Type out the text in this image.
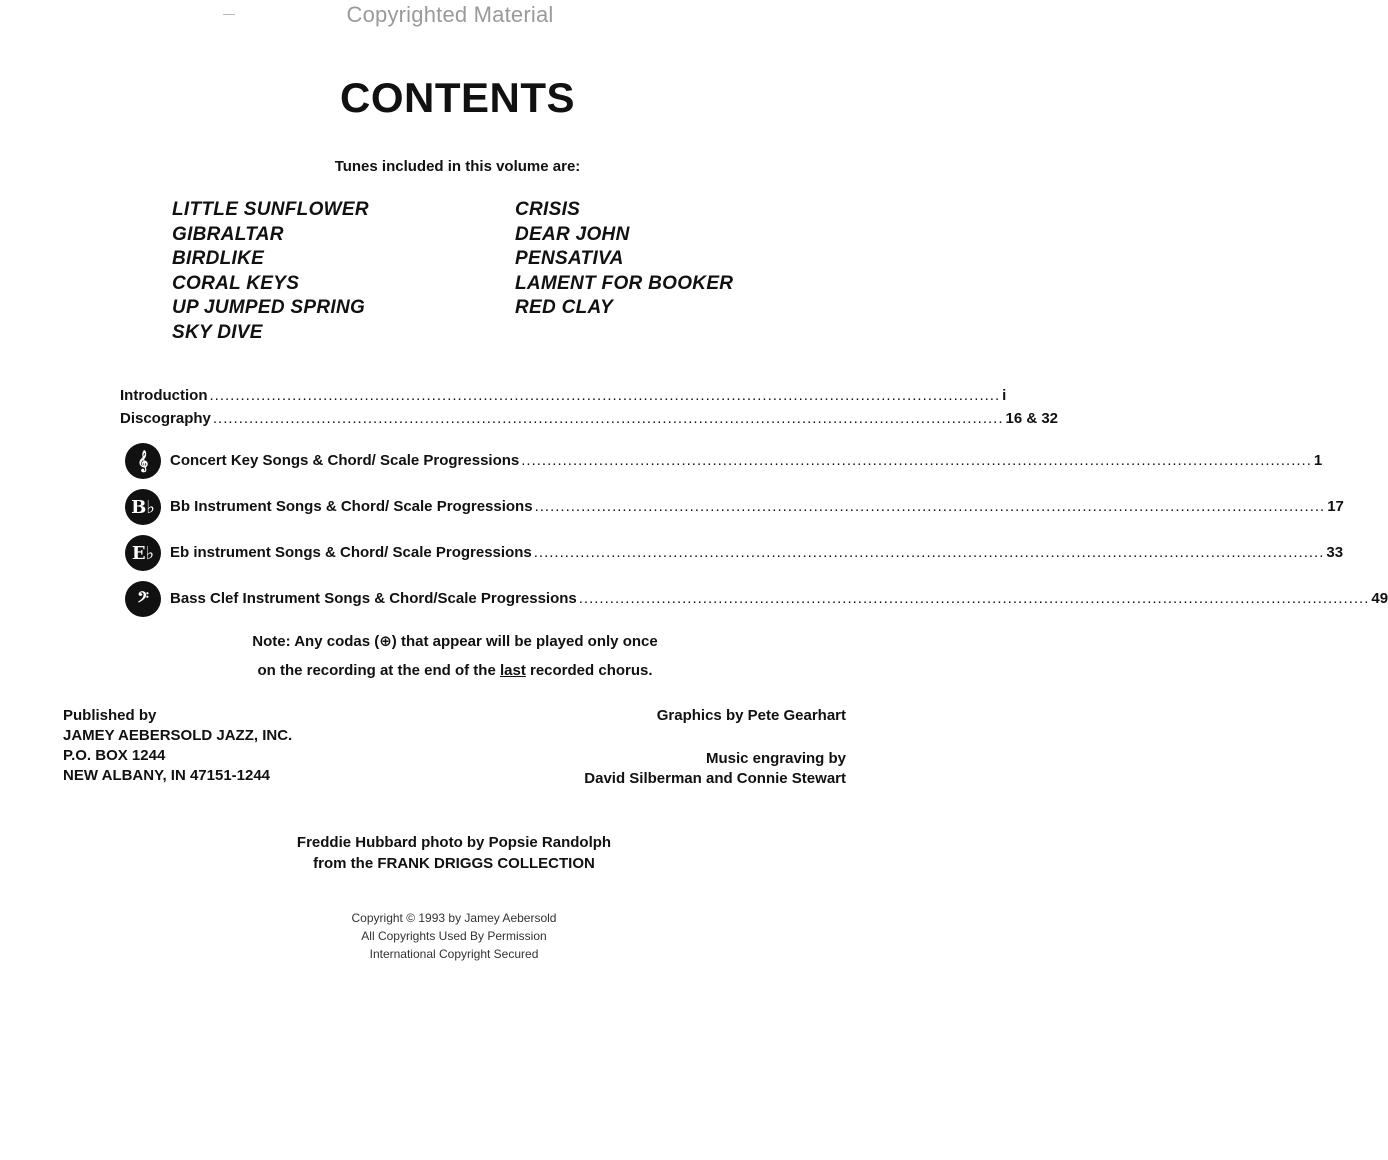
Copyrighted Material
CONTENTS
Tunes included in this volume are:
LITTLE SUNFLOWER
GIBRALTAR
BIRDLIKE
CORAL KEYS
UP JUMPED SPRING
SKY DIVE
CRISIS
DEAR JOHN
PENSATIVA
LAMENT FOR BOOKER
RED CLAY
Introduction ......................................................................................................................................................... i
Discography ......................................................................................................................................................... 16 & 32
𝄞	Concert Key Songs & Chord/ Scale Progressions ......................................................................................................................................................... 1
B♭	Bb Instrument Songs & Chord/ Scale Progressions ......................................................................................................................................................... 17
E♭	Eb instrument Songs & Chord/ Scale Progressions ......................................................................................................................................................... 33
𝄢	Bass Clef Instrument Songs & Chord/Scale Progressions ......................................................................................................................................................... 49
Note: Any codas (⊕) that appear will be played only once
on the recording at the end of the last recorded chorus.
Published by
JAMEY AEBERSOLD JAZZ, INC.
P.O. BOX 1244
NEW ALBANY, IN 47151-1244
Graphics by Pete Gearhart
Music engraving by
David Silberman and Connie Stewart
Freddie Hubbard photo by Popsie Randolph
from the FRANK DRIGGS COLLECTION
Copyright © 1993 by Jamey Aebersold
All Copyrights Used By Permission
International Copyright Secured
